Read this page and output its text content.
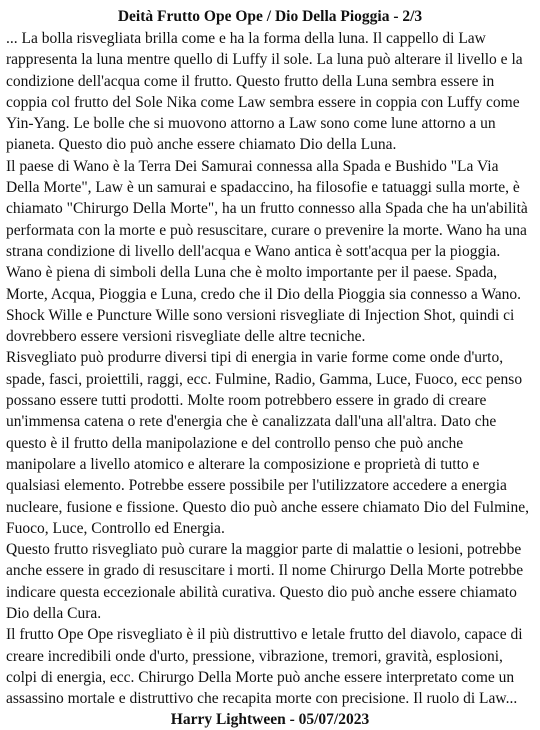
Deità Frutto Ope Ope / Dio Della Pioggia - 2/3

... La bolla risvegliata brilla come e ha la forma della luna. Il cappello di Law rappresenta la luna mentre quello di Luffy il sole. La luna può alterare il livello e la condizione dell'acqua come il frutto. Questo frutto della Luna sembra essere in coppia col frutto del Sole Nika come Law sembra essere in coppia con Luffy come Yin-Yang. Le bolle che si muovono attorno a Law sono come lune attorno a un pianeta. Questo dio può anche essere chiamato Dio della Luna.

Il paese di Wano è la Terra Dei Samurai connessa alla Spada e Bushido "La Via Della Morte", Law è un samurai e spadaccino, ha filosofie e tatuaggi sulla morte, è chiamato "Chirurgo Della Morte", ha un frutto connesso alla Spada che ha un'abilità performata con la morte e può resuscitare, curare o prevenire la morte. Wano ha una strana condizione di livello dell'acqua e Wano antica è sott'acqua per la pioggia. Wano è piena di simboli della Luna che è molto importante per il paese. Spada, Morte, Acqua, Pioggia e Luna, credo che il Dio della Pioggia sia connesso a Wano.

Shock Wille e Puncture Wille sono versioni risvegliate di Injection Shot, quindi ci dovrebbero essere versioni risvegliate delle altre tecniche.

Risvegliato può produrre diversi tipi di energia in varie forme come onde d'urto, spade, fasci, proiettili, raggi, ecc. Fulmine, Radio, Gamma, Luce, Fuoco, ecc penso possano essere tutti prodotti. Molte room potrebbero essere in grado di creare un'immensa catena o rete d'energia che è canalizzata dall'una all'altra. Dato che questo è il frutto della manipolazione e del controllo penso che può anche manipolare a livello atomico e alterare la composizione e proprietà di tutto e qualsiasi elemento. Potrebbe essere possibile per l'utilizzatore accedere a energia nucleare, fusione e fissione. Questo dio può anche essere chiamato Dio del Fulmine, Fuoco, Luce, Controllo ed Energia.

Questo frutto risvegliato può curare la maggior parte di malattie o lesioni, potrebbe anche essere in grado di resuscitare i morti. Il nome Chirurgo Della Morte potrebbe indicare questa eccezionale abilità curativa. Questo dio può anche essere chiamato Dio della Cura.

Il frutto Ope Ope risvegliato è il più distruttivo e letale frutto del diavolo, capace di creare incredibili onde d'urto, pressione, vibrazione, tremori, gravità, esplosioni, colpi di energia, ecc. Chirurgo Della Morte può anche essere interpretato come un assassino mortale e distruttivo che recapita morte con precisione. Il ruolo di Law...

Harry Lightween - 05/07/2023
